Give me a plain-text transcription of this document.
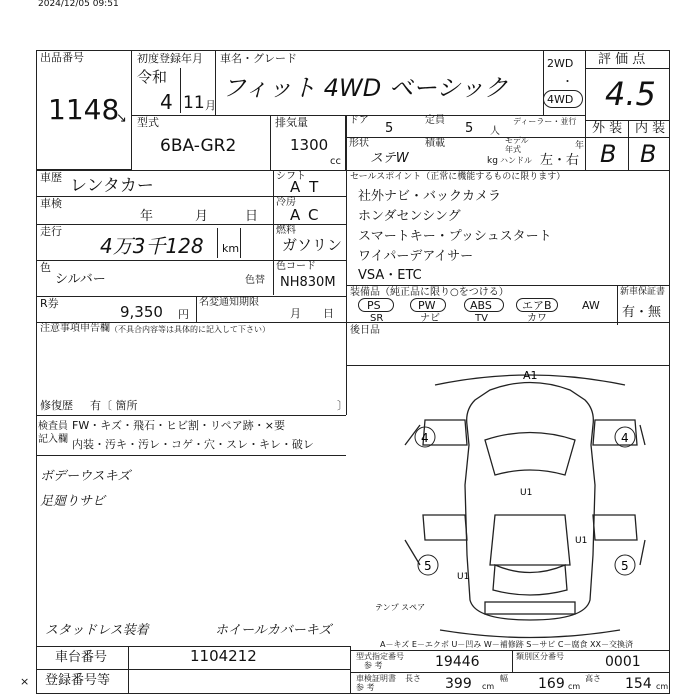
2024/12/05 09:51
出品番号
1148
↘
初度登録年月
令和
4 11 月
車名・グレード
フィット 4WD ベーシック
2WD
・
4WD
評 価 点
4.5
外 装 内 装
B B
型式
6BA-GR2
排気量
1300
cc
ドア
5
定員
5 人
ディーラー・並行
モデル
年式	年
形状
ステW
積載
kg ハンドル 左・右
車歴 レンタカー	シフト
AT
車検
年	月	日
冷房
AC
走行
4万3千128 km
燃料
ガソリン
色
シルバー	色替
色コード
NH830M
R券	9,350 円
名変通知期限
月 日
注意事項申告欄 （不具合内容等は具体的に記入して下さい）
修復歴 有〔 箇所	〕
セールスポイント（正常に機能するものに限ります）
社外ナビ・バックカメラ
ホンダセンシング
スマートキー・プッシュスタート
ワイパーデアイサー
VSA・ETC
装備品（純正品に限り○をつける）	新車保証書
有・無
PS
SR
PW
ナビ
ABS
TV
エアB
カワ
AW
後日品
検査員
記入欄
FW・キズ・飛石・ヒビ割・リペア跡・×要
内装・汚キ・汚レ・コゲ・穴・スレ・キレ・破レ
ボデーウスキズ
足廻りサビ
スタッドレス装着	ホイールカバーキズ
A1
4	4
5	5
U1
U1
U1
テンプ スペア
A－キズ E－エクボ U－凹み W－補修跡 S－サビ C－腐食 XX－交換済
車台番号	1104212
登録番号等
型式指定番号
参 考	19446	類別区分番号	0001
車検証明書
参 考
長さ 399 cm
幅 169 cm
高さ 154 cm
×
